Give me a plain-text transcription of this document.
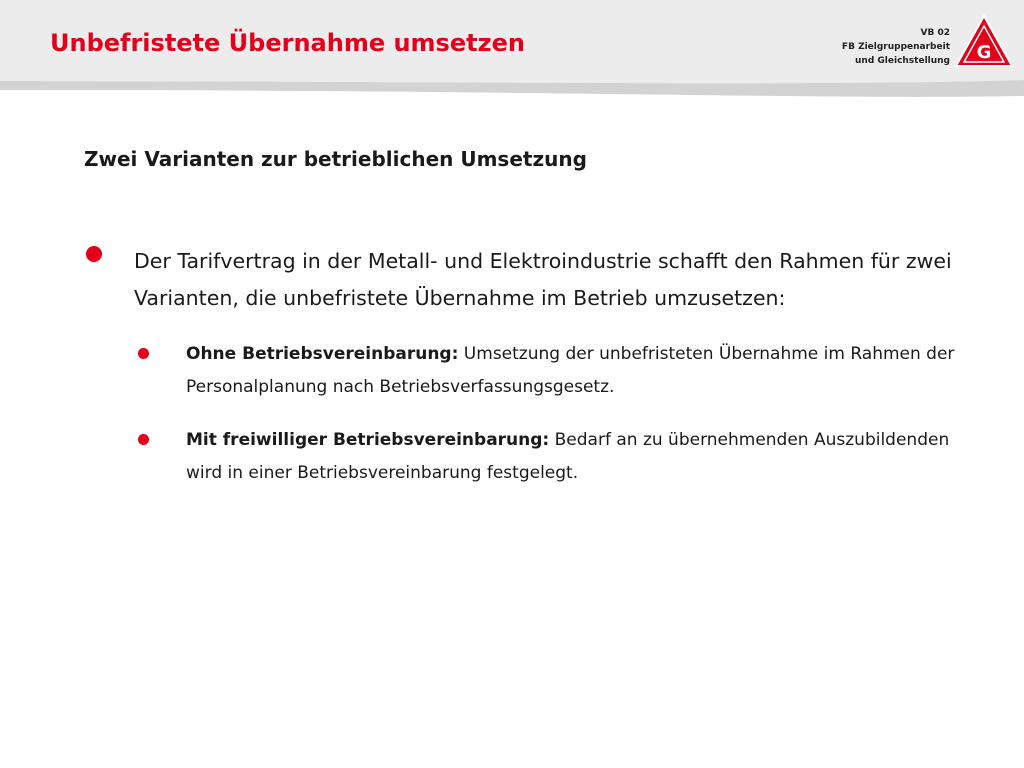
Unbefristete Übernahme umsetzen	VB 02
FB Zielgruppenarbeit
und Gleichstellung G
Zwei Varianten zur betrieblichen Umsetzung

Der Tarifvertrag in der Metall- und Elektroindustrie schafft den Rahmen für zwei Varianten, die unbefristete Übernahme im Betrieb umzusetzen:

Ohne Betriebsvereinbarung: Umsetzung der unbefristeten Übernahme im Rahmen der Personalplanung nach Betriebsverfassungsgesetz.

Mit freiwilliger Betriebsvereinbarung: Bedarf an zu übernehmenden Auszubildenden wird in einer Betriebsvereinbarung festgelegt.
